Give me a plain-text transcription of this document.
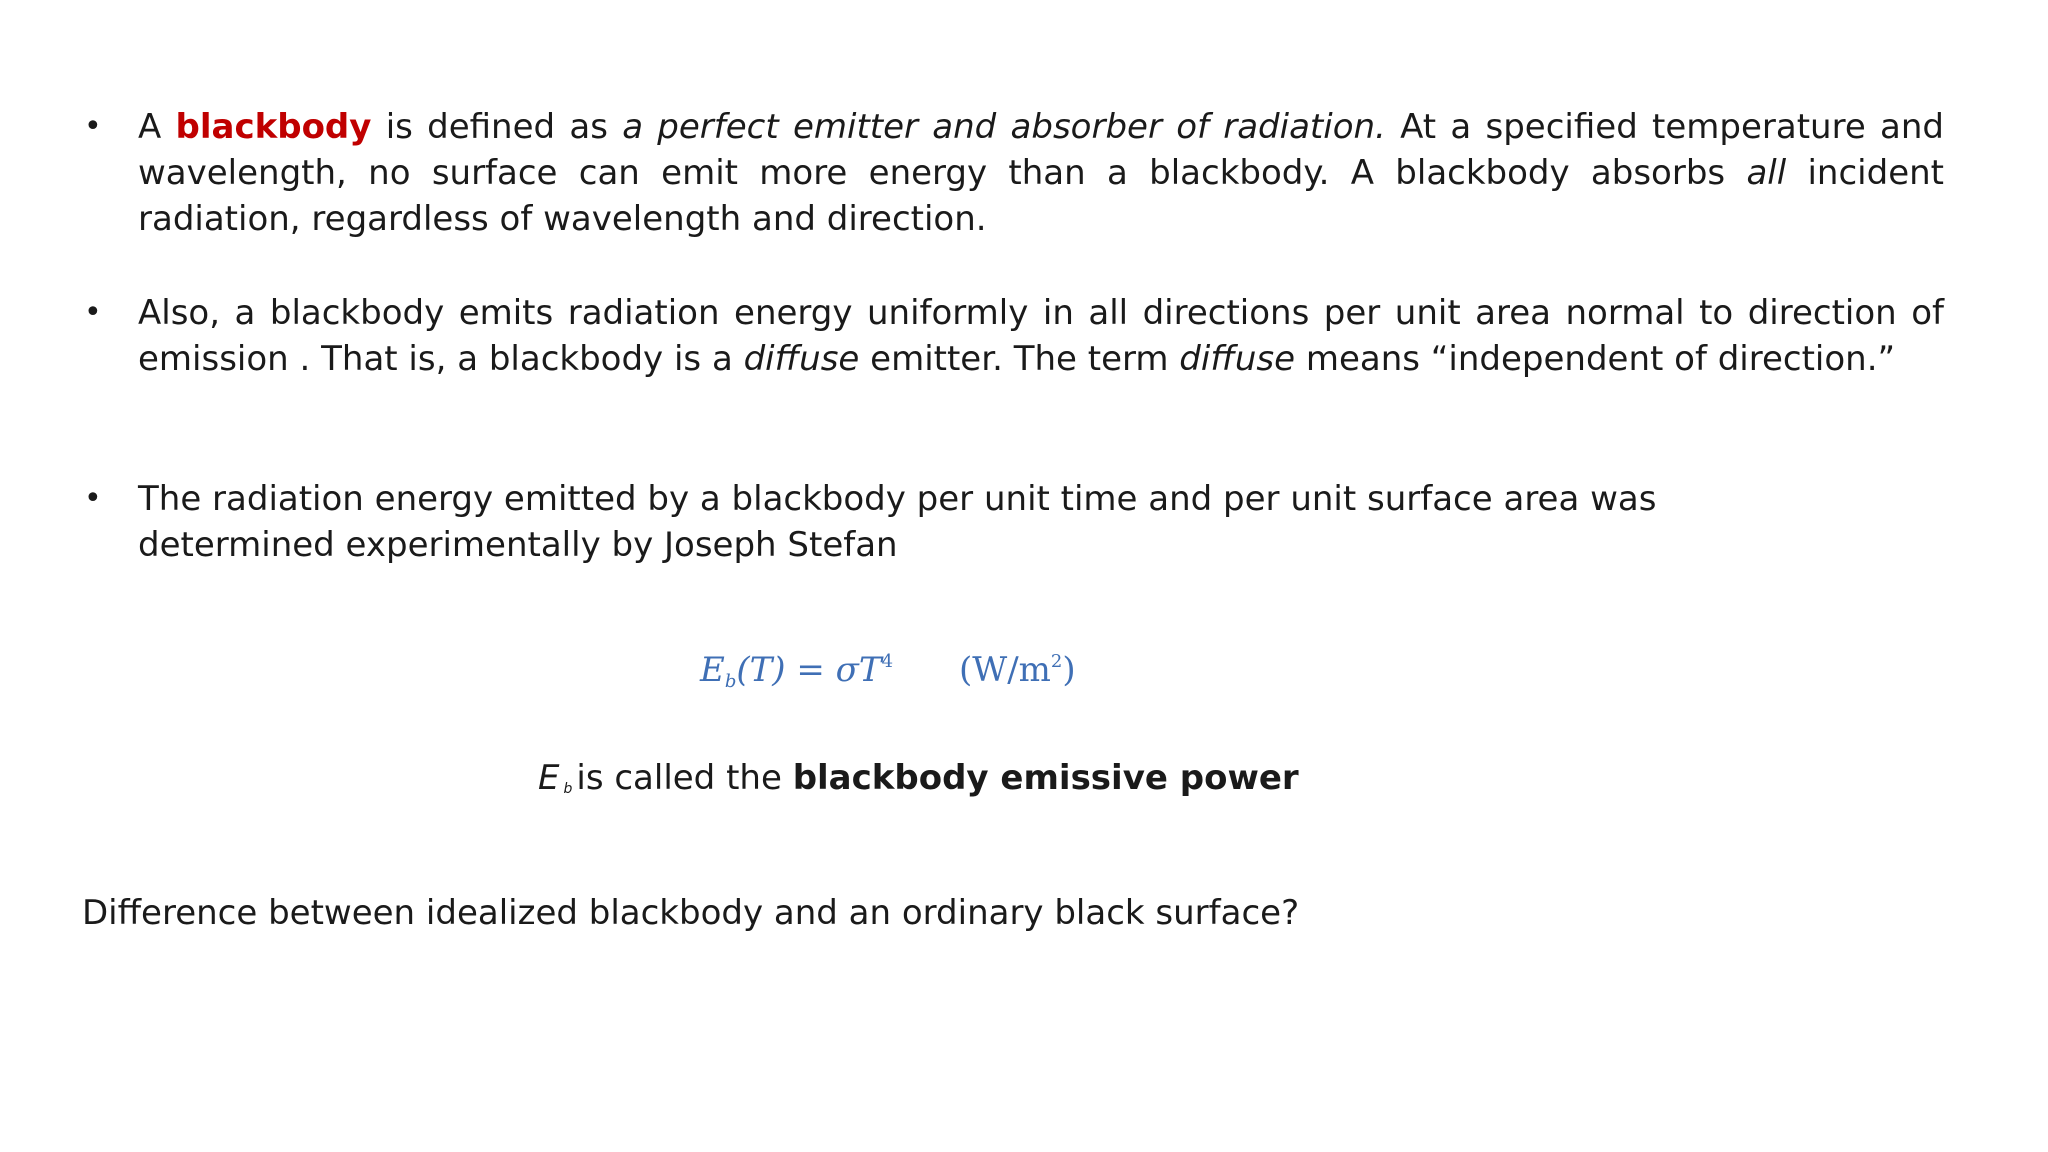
•	A blackbody is defined as a perfect emitter and absorber of radiation. At a specified temperature and wavelength, no surface can emit more energy than a blackbody. A blackbody absorbs all incident radiation, regardless of wavelength and direction.
•	Also, a blackbody emits radiation energy uniformly in all directions per unit area normal to direction of emission . That is, a blackbody is a diffuse emitter. The term diffuse means “independent of direction.”
•	The radiation energy emitted by a blackbody per unit time and per unit surface area was determined experimentally by Joseph Stefan
$E_b(T) = \sigma T^4$ $(W/m^2)$
Eb is called the blackbody emissive power
Difference between idealized blackbody and an ordinary black surface?
